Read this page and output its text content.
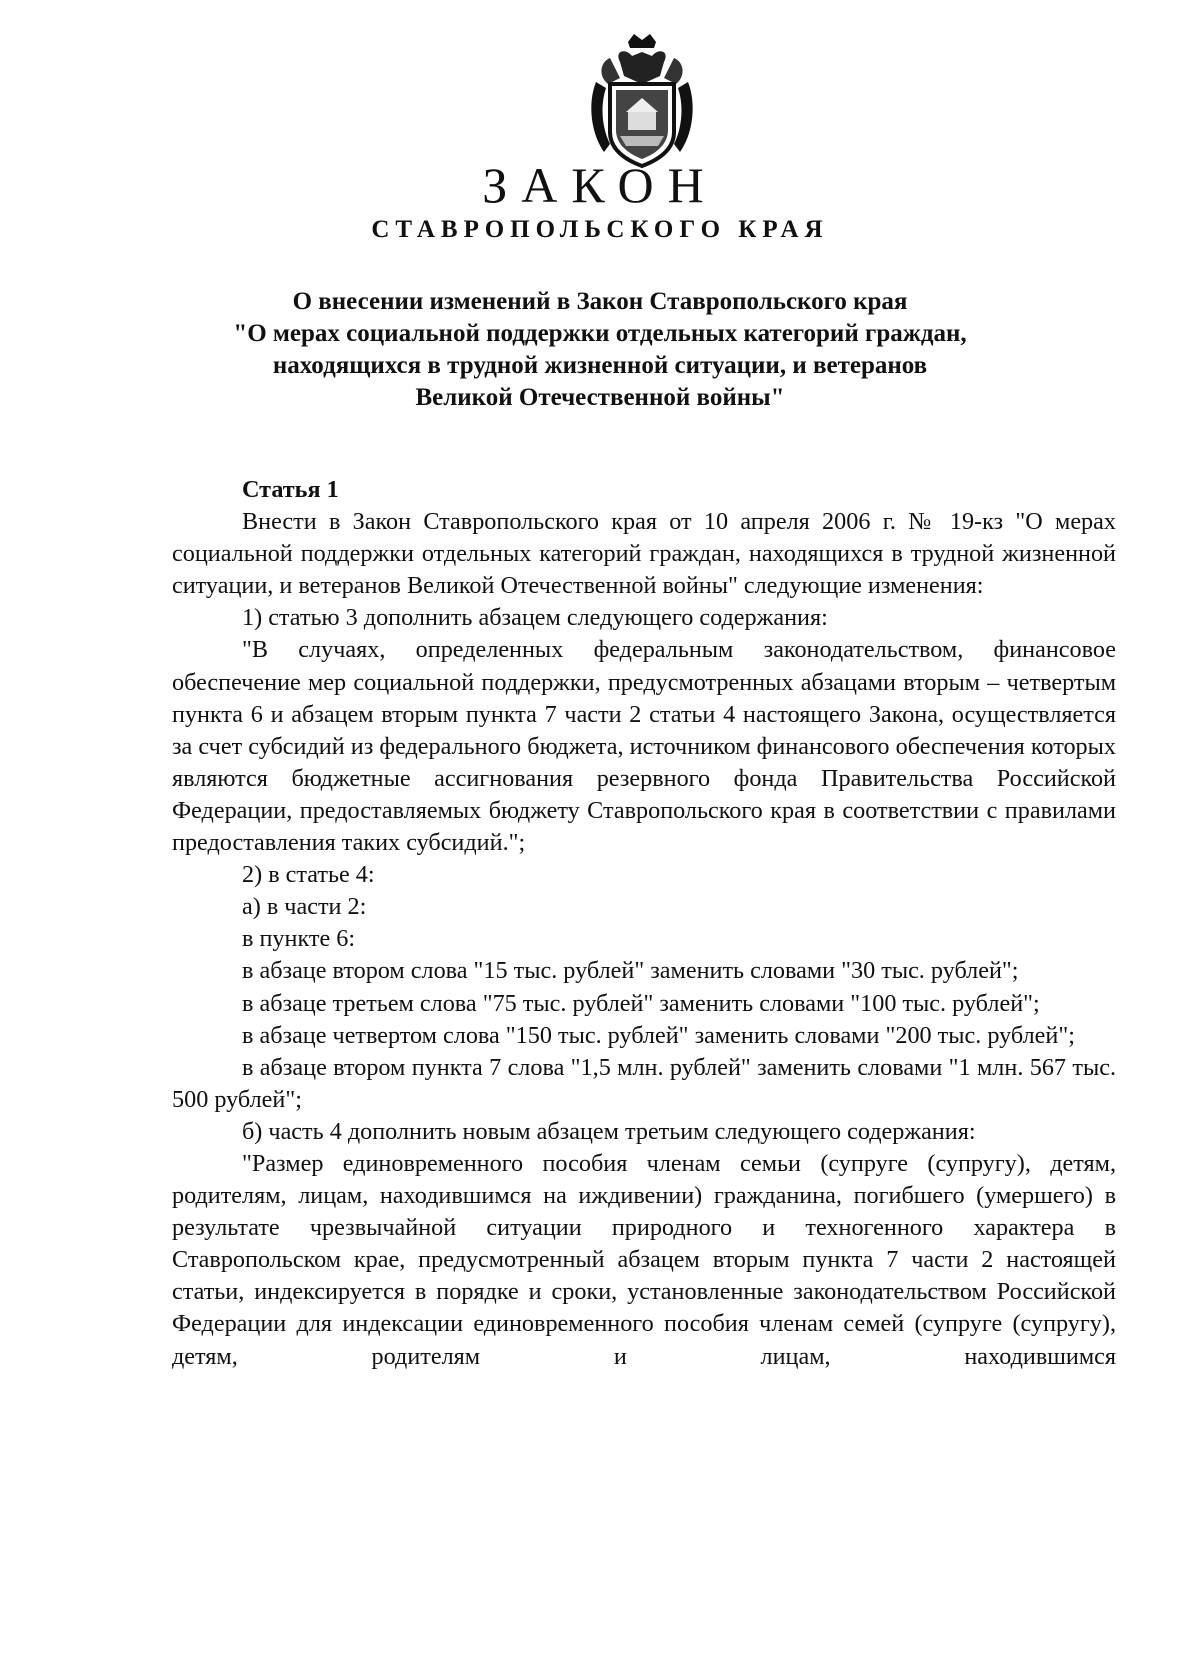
ЗАКОН
СТАВРОПОЛЬСКОГО КРАЯ
О внесении изменений в Закон Ставропольского края
"О мерах социальной поддержки отдельных категорий граждан,
находящихся в трудной жизненной ситуации, и ветеранов
Великой Отечественной войны"

Статья 1

Внести в Закон Ставропольского края от 10 апреля 2006 г. № 19-кз "О мерах социальной поддержки отдельных категорий граждан, находящихся в трудной жизненной ситуации, и ветеранов Великой Отечественной войны" следующие изменения:

1) статью 3 дополнить абзацем следующего содержания:

"В случаях, определенных федеральным законодательством, финансовое обеспечение мер социальной поддержки, предусмотренных абзацами вторым – четвертым пункта 6 и абзацем вторым пункта 7 части 2 статьи 4 настоящего Закона, осуществляется за счет субсидий из федерального бюджета, источником финансового обеспечения которых являются бюджетные ассигнования резервного фонда Правительства Российской Федерации, предоставляемых бюджету Ставропольского края в соответствии с правилами предоставления таких субсидий.";

2) в статье 4:

а) в части 2:

в пункте 6:

в абзаце втором слова "15 тыс. рублей" заменить словами "30 тыс. рублей";

в абзаце третьем слова "75 тыс. рублей" заменить словами "100 тыс. рублей";

в абзаце четвертом слова "150 тыс. рублей" заменить словами "200 тыс. рублей";

в абзаце втором пункта 7 слова "1,5 млн. рублей" заменить словами "1 млн. 567 тыс. 500 рублей";

б) часть 4 дополнить новым абзацем третьим следующего содержания:

"Размер единовременного пособия членам семьи (супруге (супругу), детям, родителям, лицам, находившимся на иждивении) гражданина, погибшего (умершего) в результате чрезвычайной ситуации природного и техногенного характера в Ставропольском крае, предусмотренный абзацем вторым пункта 7 части 2 настоящей статьи, индексируется в порядке и сроки, установленные законодательством Российской Федерации для индексации единовременного пособия членам семей (супруге (супругу), детям, родителям и лицам, находившимся
